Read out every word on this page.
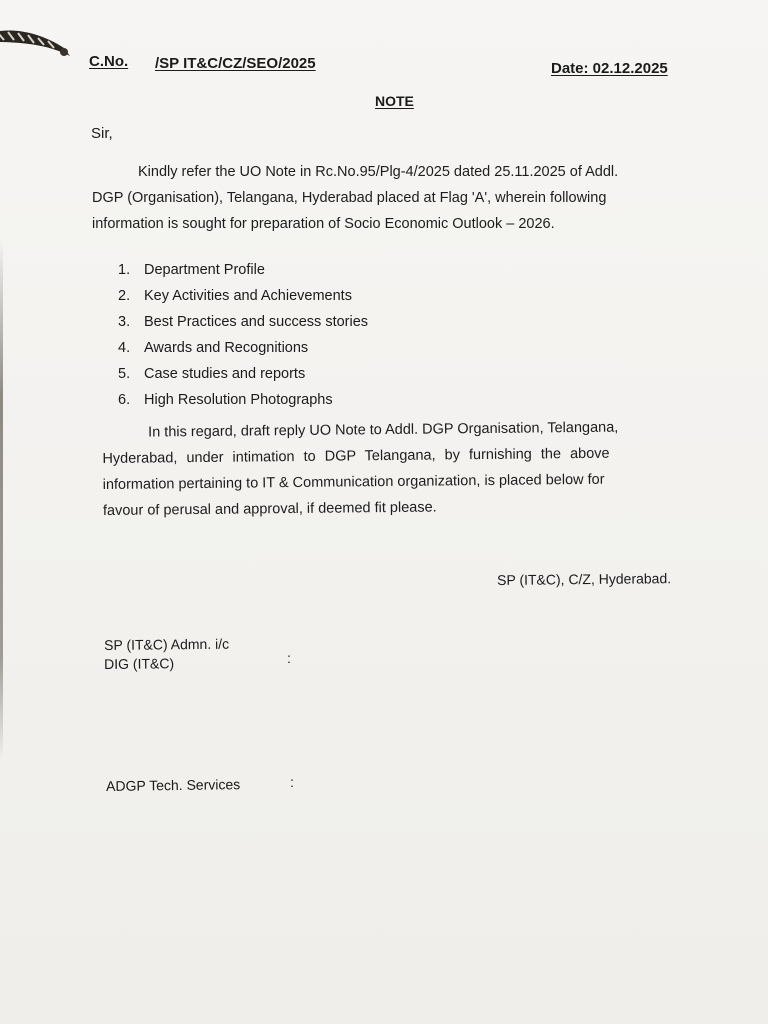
C.No. /SP IT&C/CZ/SEO/2025	Date: 02.12.2025
NOTE
Sir,
Kindly refer the UO Note in Rc.No.95/Plg-4/2025 dated 25.11.2025 of Addl.
DGP (Organisation), Telangana, Hyderabad placed at Flag 'A', wherein following
information is sought for preparation of Socio Economic Outlook – 2026.
1. Department Profile
2. Key Activities and Achievements
3. Best Practices and success stories
4. Awards and Recognitions
5. Case studies and reports
6. High Resolution Photographs
In this regard, draft reply UO Note to Addl. DGP Organisation, Telangana,
Hyderabad, under intimation to DGP Telangana, by furnishing the above
information pertaining to IT & Communication organization, is placed below for
favour of perusal and approval, if deemed fit please.
SP (IT&C), C/Z, Hyderabad.
SP (IT&C) Admn. i/c
DIG (IT&C)	:
ADGP Tech. Services	:
